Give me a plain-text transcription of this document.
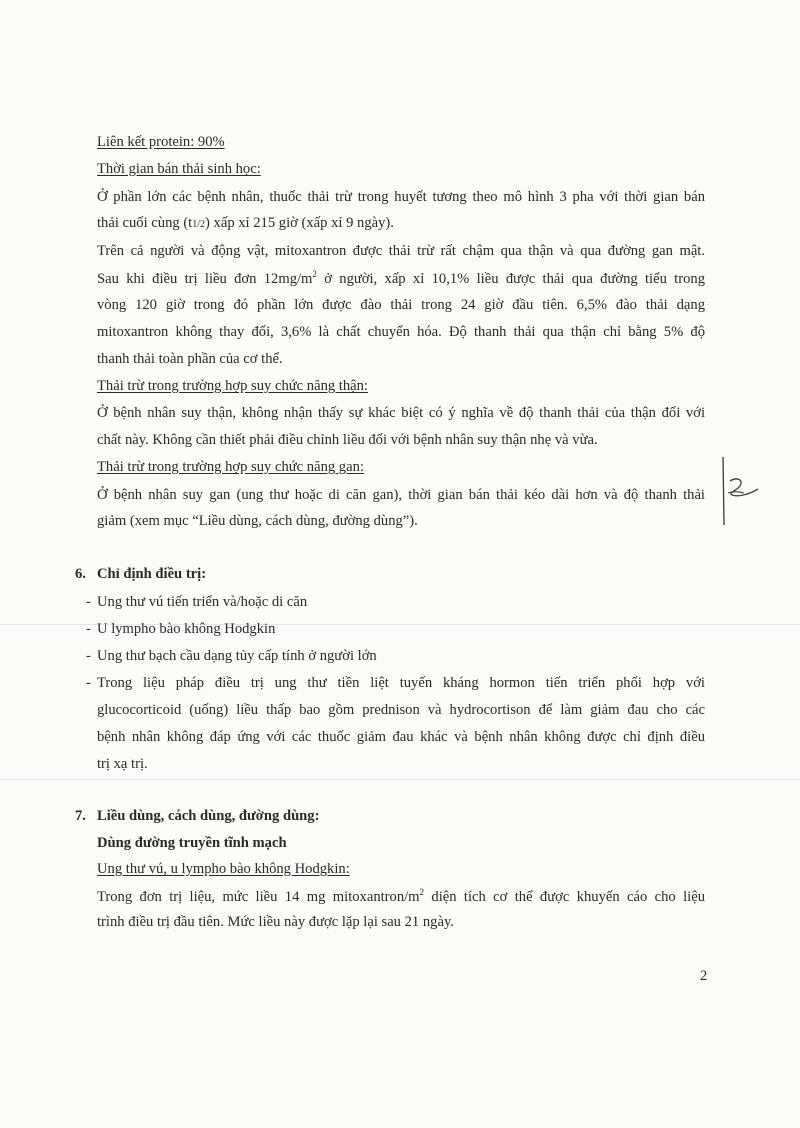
Liên kết protein: 90%
Thời gian bán thải sinh học:
Ở phần lớn các bệnh nhân, thuốc thải trừ trong huyết tương theo mô hình 3 pha với thời gian bán
thải cuối cùng (t1/2) xấp xỉ 215 giờ (xấp xỉ 9 ngày).
Trên cả người và động vật, mitoxantron được thải trừ rất chậm qua thận và qua đường gan mật.
Sau khi điều trị liều đơn $12mg/m^2$ ở người, xấp xỉ 10,1% liều được thải qua đường tiểu trong
vòng 120 giờ trong đó phần lớn được đào thải trong 24 giờ đầu tiên. 6,5% đào thải dạng
mitoxantron không thay đổi, 3,6% là chất chuyển hóa. Độ thanh thải qua thận chỉ bằng 5% độ
thanh thải toàn phần của cơ thể.
Thải trừ trong trường hợp suy chức năng thận:
Ở bệnh nhân suy thận, không nhận thấy sự khác biệt có ý nghĩa về độ thanh thải của thận đối với
chất này. Không cần thiết phải điều chỉnh liều đối với bệnh nhân suy thận nhẹ và vừa.
Thải trừ trong trường hợp suy chức năng gan:
Ở bệnh nhân suy gan (ung thư hoặc di căn gan), thời gian bán thải kéo dài hơn và độ thanh thải
giảm (xem mục “Liều dùng, cách dùng, đường dùng”).
6. Chỉ định điều trị:
- Ung thư vú tiến triển và/hoặc di căn
- U lympho bào không Hodgkin
- Ung thư bạch cầu dạng tủy cấp tính ở người lớn
- Trong liệu pháp điều trị ung thư tiền liệt tuyến kháng hormon tiến triển phối hợp với
glucocorticoid (uống) liều thấp bao gồm prednison và hydrocortison để làm giảm đau cho các
bệnh nhân không đáp ứng với các thuốc giảm đau khác và bệnh nhân không được chỉ định điều
trị xạ trị.
7. Liều dùng, cách dùng, đường dùng:
Dùng đường truyền tĩnh mạch
Ung thư vú, u lympho bào không Hodgkin:
Trong đơn trị liệu, mức liều 14 mg mitoxantron/$m^2$ diện tích cơ thể được khuyến cáo cho liệu
trình điều trị đầu tiên. Mức liều này được lặp lại sau 21 ngày.
2
